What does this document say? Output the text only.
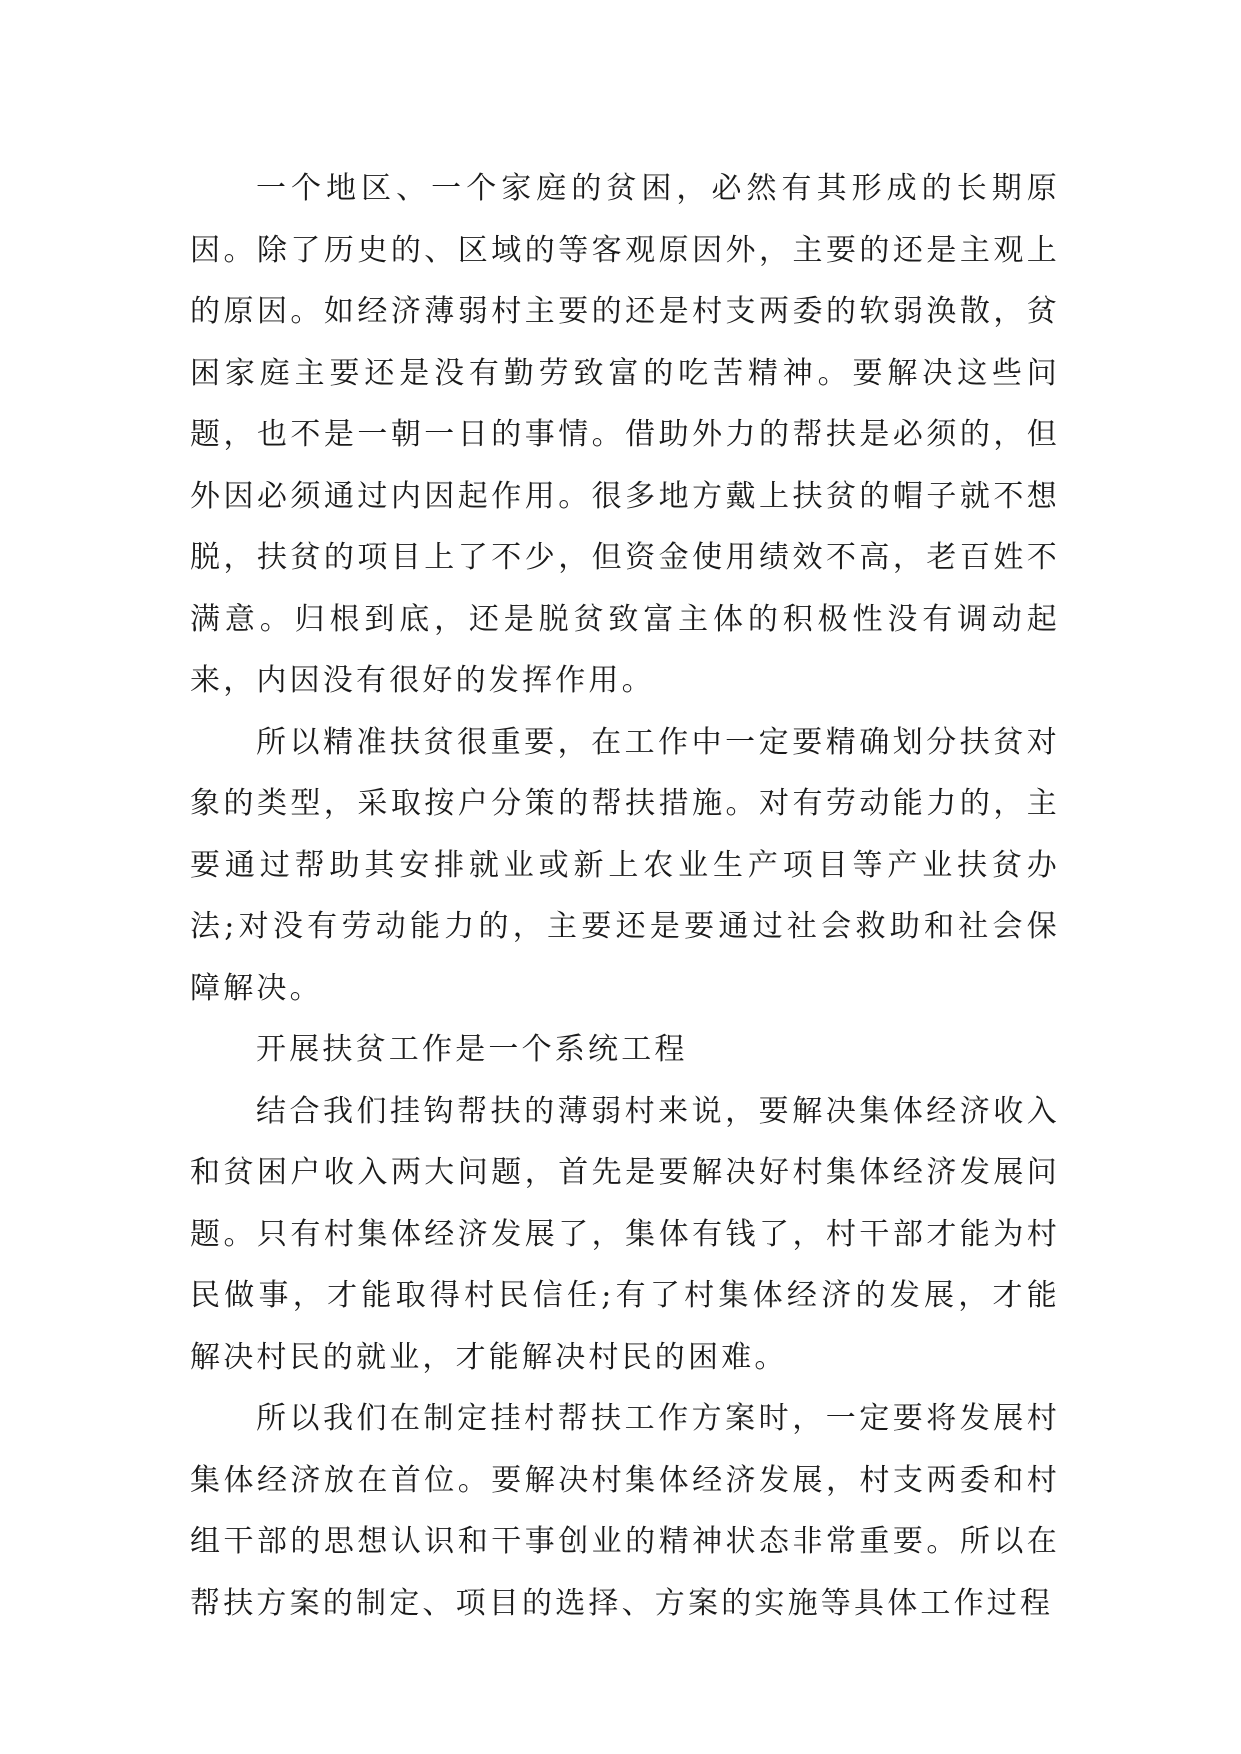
一个地区、一个家庭的贫困，必然有其形成的长期原因。除了历史的、区域的等客观原因外，主要的还是主观上的原因。如经济薄弱村主要的还是村支两委的软弱涣散，贫困家庭主要还是没有勤劳致富的吃苦精神。要解决这些问题，也不是一朝一日的事情。借助外力的帮扶是必须的，但外因必须通过内因起作用。很多地方戴上扶贫的帽子就不想脱，扶贫的项目上了不少，但资金使用绩效不高，老百姓不满意。归根到底，还是脱贫致富主体的积极性没有调动起来，内因没有很好的发挥作用。

所以精准扶贫很重要，在工作中一定要精确划分扶贫对象的类型，采取按户分策的帮扶措施。对有劳动能力的，主要通过帮助其安排就业或新上农业生产项目等产业扶贫办法;对没有劳动能力的，主要还是要通过社会救助和社会保障解决。

开展扶贫工作是一个系统工程

结合我们挂钩帮扶的薄弱村来说，要解决集体经济收入和贫困户收入两大问题，首先是要解决好村集体经济发展问题。只有村集体经济发展了，集体有钱了，村干部才能为村民做事，才能取得村民信任;有了村集体经济的发展，才能解决村民的就业，才能解决村民的困难。

所以我们在制定挂村帮扶工作方案时，一定要将发展村集体经济放在首位。要解决村集体经济发展，村支两委和村组干部的思想认识和干事创业的精神状态非常重要。所以在帮扶方案的制定、项目的选择、方案的实施等具体工作过程
